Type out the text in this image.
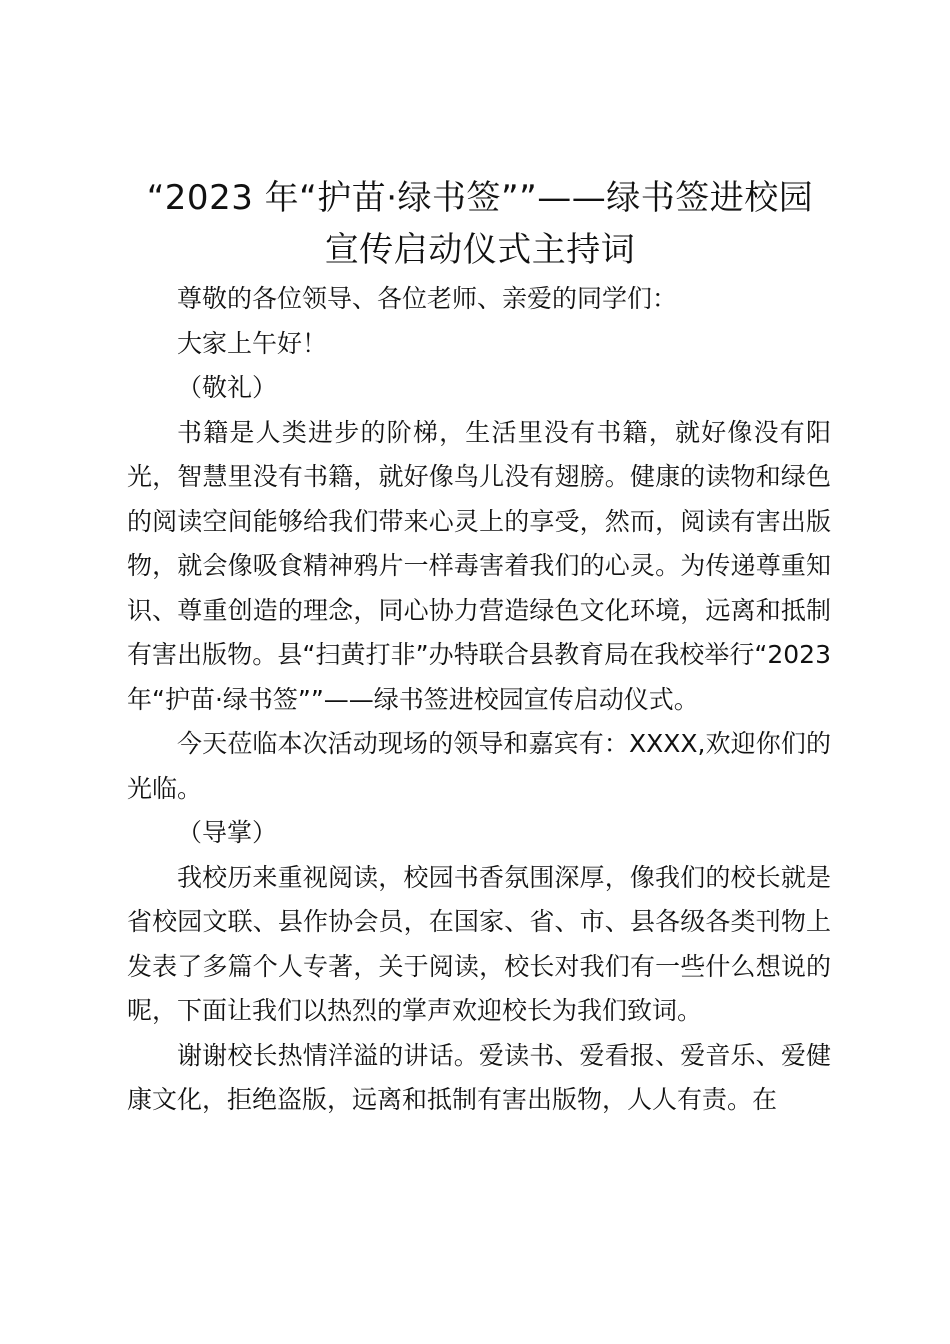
“2023 年“护苗·绿书签””——绿书签进校园
宣传启动仪式主持词

尊敬的各位领导、各位老师、亲爱的同学们：

大家上午好！

（敬礼）

书籍是人类进步的阶梯，生活里没有书籍，就好像没有阳光，智慧里没有书籍，就好像鸟儿没有翅膀。健康的读物和绿色的阅读空间能够给我们带来心灵上的享受，然而，阅读有害出版物，就会像吸食精神鸦片一样毒害着我们的心灵。为传递尊重知识、尊重创造的理念，同心协力营造绿色文化环境，远离和抵制有害出版物。县“扫黄打非”办特联合县教育局在我校举行“2023 年“护苗·绿书签””——绿书签进校园宣传启动仪式。

今天莅临本次活动现场的领导和嘉宾有：XXXX,欢迎你们的光临。

（导掌）

我校历来重视阅读，校园书香氛围深厚，像我们的校长就是省校园文联、县作协会员，在国家、省、市、县各级各类刊物上发表了多篇个人专著，关于阅读，校长对我们有一些什么想说的呢，下面让我们以热烈的掌声欢迎校长为我们致词。

谢谢校长热情洋溢的讲话。爱读书、爱看报、爱音乐、爱健康文化，拒绝盗版，远离和抵制有害出版物，人人有责。在
